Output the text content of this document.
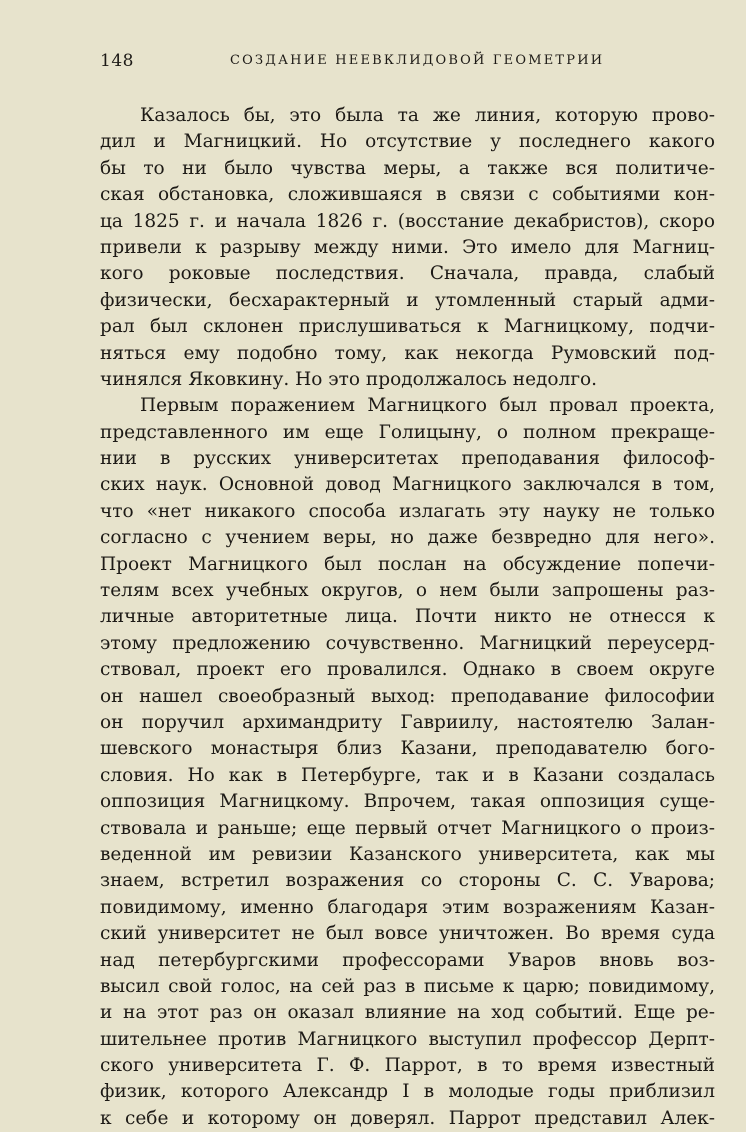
148	СОЗДАНИЕ НЕЕВКЛИДОВОЙ ГЕОМЕТРИИ
Казалось бы, это была та же линия, которую прово-
дил и Магницкий. Но отсутствие у последнего какого
бы то ни было чувства меры, а также вся политиче-
ская обстановка, сложившаяся в связи с событиями кон-
ца 1825 г. и начала 1826 г. (восстание декабристов), скоро
привели к разрыву между ними. Это имело для Магниц-
кого роковые последствия. Сначала, правда, слабый
физически, бесхарактерный и утомленный старый адми-
рал был склонен прислушиваться к Магницкому, подчи-
няться ему подобно тому, как некогда Румовский под-
чинялся Яковкину. Но это продолжалось недолго.
Первым поражением Магницкого был провал проекта,
представленного им еще Голицыну, о полном прекраще-
нии в русских университетах преподавания философ-
ских наук. Основной довод Магницкого заключался в том,
что «нет никакого способа излагать эту науку не только
согласно с учением веры, но даже безвредно для него».
Проект Магницкого был послан на обсуждение попечи-
телям всех учебных округов, о нем были запрошены раз-
личные авторитетные лица. Почти никто не отнесся к
этому предложению сочувственно. Магницкий переусерд-
ствовал, проект его провалился. Однако в своем округе
он нашел своеобразный выход: преподавание философии
он поручил архимандриту Гавриилу, настоятелю Залан-
шевского монастыря близ Казани, преподавателю бого-
словия. Но как в Петербурге, так и в Казани создалась
оппозиция Магницкому. Впрочем, такая оппозиция суще-
ствовала и раньше; еще первый отчет Магницкого о произ-
веденной им ревизии Казанского университета, как мы
знаем, встретил возражения со стороны С. С. Уварова;
повидимому, именно благодаря этим возражениям Казан-
ский университет не был вовсе уничтожен. Во время суда
над петербургскими профессорами Уваров вновь воз-
высил свой голос, на сей раз в письме к царю; повидимому,
и на этот раз он оказал влияние на ход событий. Еще ре-
шительнее против Магницкого выступил профессор Дерпт-
ского университета Г. Ф. Паррот, в то время известный
физик, которого Александр I в молодые годы приблизил
к себе и которому он доверял. Паррот представил Алек-
